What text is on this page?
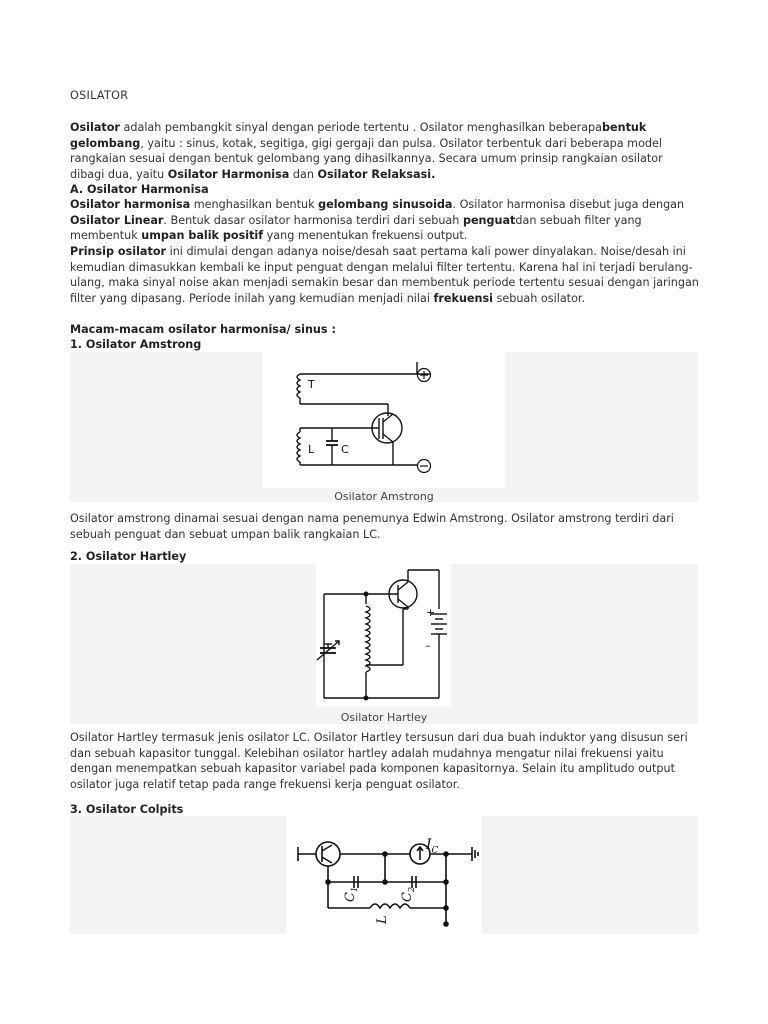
OSILATOR

Osilator adalah pembangkit sinyal dengan periode tertentu . Osilator menghasilkan beberapabentuk gelombang, yaitu : sinus, kotak, segitiga, gigi gergaji dan pulsa. Osilator terbentuk dari beberapa model rangkaian sesuai dengan bentuk gelombang yang dihasilkannya. Secara umum prinsip rangkaian osilator dibagi dua, yaitu Osilator Harmonisa dan Osilator Relaksasi.

A. Osilator Harmonisa

Osilator harmonisa menghasilkan bentuk gelombang sinusoida. Osilator harmonisa disebut juga dengan Osilator Linear. Bentuk dasar osilator harmonisa terdiri dari sebuah penguatdan sebuah filter yang membentuk umpan balik positif yang menentukan frekuensi output.

Prinsip osilator ini dimulai dengan adanya noise/desah saat pertama kali power dinyalakan. Noise/desah ini kemudian dimasukkan kembali ke input penguat dengan melalui filter tertentu. Karena hal ini terjadi berulang-ulang, maka sinyal noise akan menjadi semakin besar dan membentuk periode tertentu sesuai dengan jaringan filter yang dipasang. Periode inilah yang kemudian menjadi nilai frekuensi sebuah osilator.

Macam-macam osilator harmonisa/ sinus :
1. Osilator Amstrong
T
L C
Osilator Amstrong

Osilator amstrong dinamai sesuai dengan nama penemunya Edwin Amstrong. Osilator amstrong terdiri dari sebuah penguat dan sebuat umpan balik rangkaian LC.

2. Osilator Hartley
+
–
Osilator Hartley

Osilator Hartley termasuk jenis osilator LC. Osilator Hartley tersusun dari dua buah induktor yang disusun seri dan sebuah kapasitor tunggal. Kelebihan osilator hartley adalah mudahnya mengatur nilai frekuensi yaitu dengan menempatkan sebuah kapasitor variabel pada komponen kapasitornya. Selain itu amplitudo output osilator juga relatif tetap pada range frekuensi kerja penguat osilator.

3. Osilator Colpits
$I_C$
$C_1$
$C_2$
L
